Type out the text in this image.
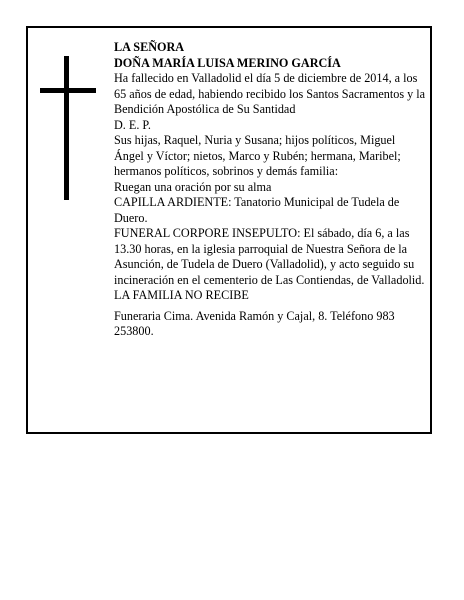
LA SEÑORA

DOÑA MARÍA LUISA MERINO GARCÍA

Ha fallecido en Valladolid el día 5 de diciembre de 2014, a los 65 años de edad, habiendo recibido los Santos Sacramentos y la Bendición Apostólica de Su Santidad

D. E. P.

Sus hijas, Raquel, Nuria y Susana; hijos políticos, Miguel Ángel y Víctor; nietos, Marco y Rubén; hermana, Maribel; hermanos políticos, sobrinos y demás familia:

Ruegan una oración por su alma

CAPILLA ARDIENTE: Tanatorio Municipal de Tudela de Duero.

FUNERAL CORPORE INSEPULTO: El sábado, día 6, a las 13.30 horas, en la iglesia parroquial de Nuestra Señora de la Asunción, de Tudela de Duero (Valladolid), y acto seguido su incineración en el cementerio de Las Contiendas, de Valladolid.

LA FAMILIA NO RECIBE

Funeraria Cima. Avenida Ramón y Cajal, 8. Teléfono 983 253800.
